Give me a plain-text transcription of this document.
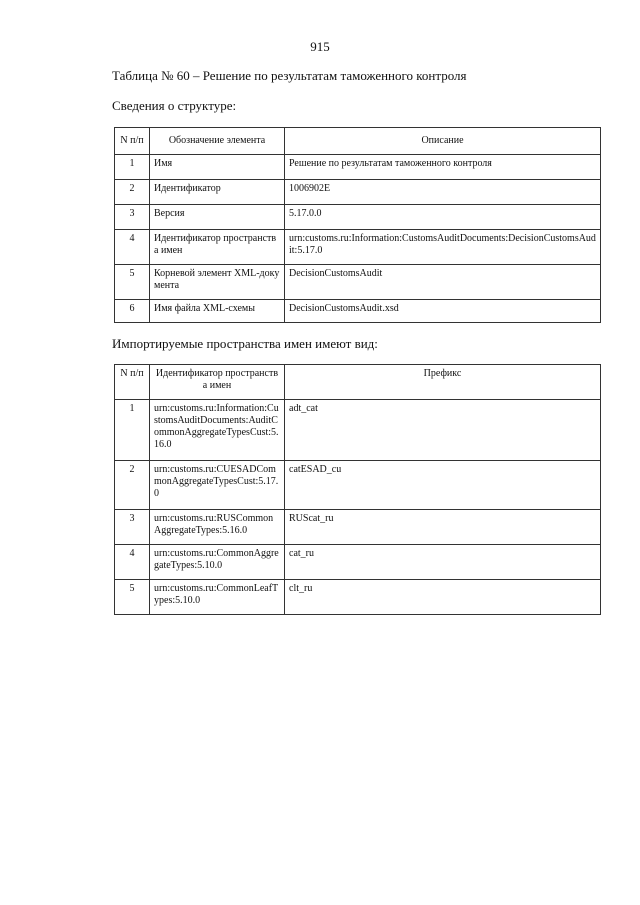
915
Таблица № 60 – Решение по результатам таможенного контроля
Сведения о структуре:
N п/п	Обозначение элемента	Описание
1	Имя	Решение по результатам таможенного контроля
2	Идентификатор	1006902E
3	Версия	5.17.0.0
4	Идентификатор пространства имен	urn:customs.ru:Information:CustomsAuditDocuments:DecisionCustomsAudit:5.17.0
5	Корневой элемент XML-документа	DecisionCustomsAudit
6	Имя файла XML-схемы	DecisionCustomsAudit.xsd
Импортируемые пространства имен имеют вид:
N п/п	Идентификатор пространства имен	Префикс
1	urn:customs.ru:Information:CustomsAuditDocuments:AuditCommonAggregateTypesCust:5.16.0	adt_cat
2	urn:customs.ru:CUESADCommonAggregateTypesCust:5.17.0	catESAD_cu
3	urn:customs.ru:RUSCommonAggregateTypes:5.16.0	RUScat_ru
4	urn:customs.ru:CommonAggregateTypes:5.10.0	cat_ru
5	urn:customs.ru:CommonLeafTypes:5.10.0	clt_ru
